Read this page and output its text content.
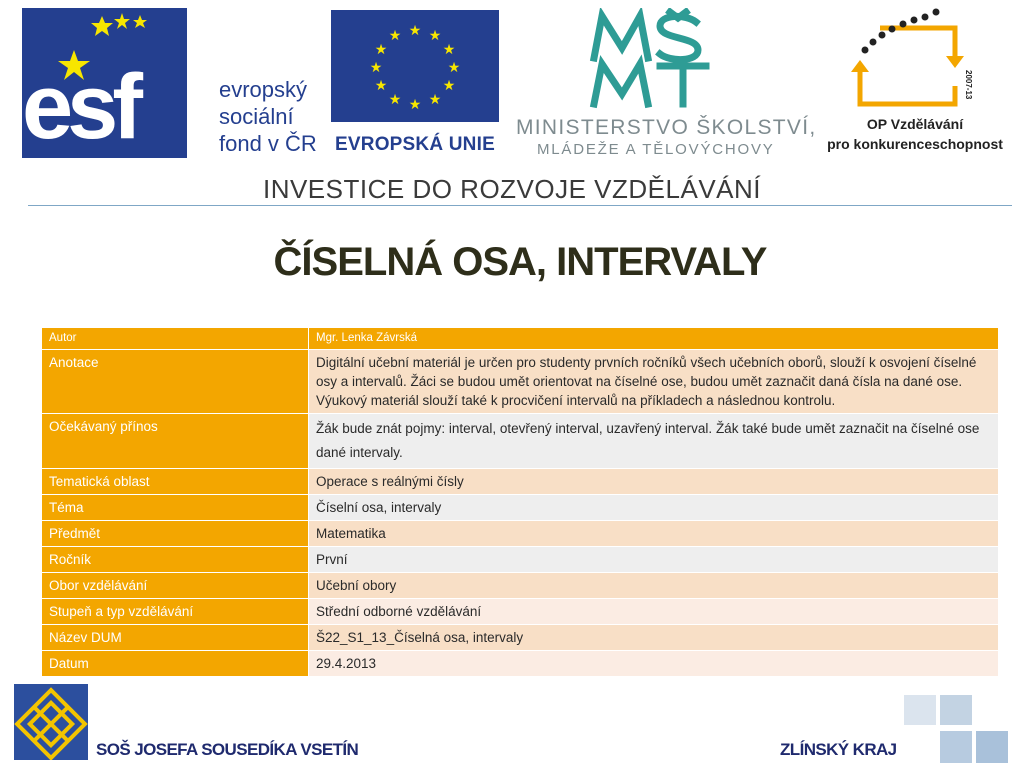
esf	evropský
sociální
fond v ČR
★ ★
★
★
★
★
★
★
★
★
★
★
EVROPSKÁ UNIE
MINISTERSTVO ŠKOLSTVÍ,
MLÁDEŽE A TĚLOVÝCHOVY
2007-13
OP Vzdělávání
pro konkurenceschopnost
INVESTICE DO ROZVOJE VZDĚLÁVÁNÍ
ČÍSELNÁ OSA, INTERVALY
Autor	Mgr. Lenka Závrská
Anotace	Digitální učební materiál je určen pro studenty prvních ročníků všech učebních oborů, slouží k osvojení číselné osy a intervalů. Žáci se budou umět orientovat na číselné ose, budou umět zaznačit daná čísla na dané ose. Výukový materiál slouží také k procvičení intervalů na příkladech a následnou kontrolu.
Očekávaný přínos	Žák bude znát pojmy: interval, otevřený interval, uzavřený interval. Žák také bude umět zaznačit na číselné ose dané intervaly.
Tematická oblast	Operace s reálnými čísly
Téma	Číselní osa, intervaly
Předmět	Matematika
Ročník	První
Obor vzdělávání	Učební obory
Stupeň a typ vzdělávání	Střední odborné vzdělávání
Název DUM	Š22_S1_13_Číselná osa, intervaly
Datum	29.4.2013
SOŠ JOSEFA SOUSEDÍKA VSETÍN	ZLÍNSKÝ KRAJ
